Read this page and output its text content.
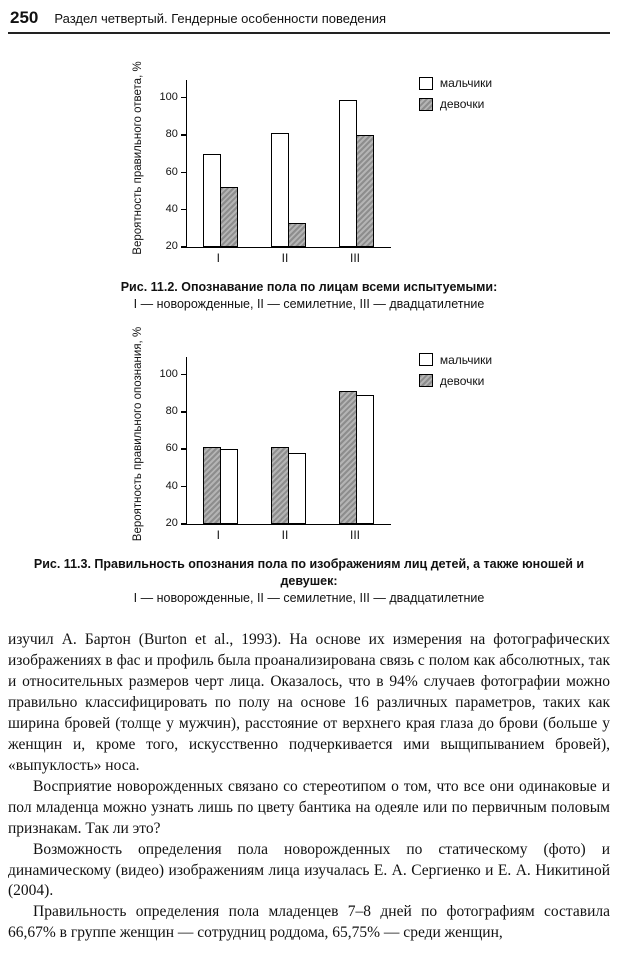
250 Раздел четвертый. Гендерные особенности поведения
Вероятность правильного ответа, % 20
40
60
80
100
I	II	III
мальчики
девочки
Рис. 11.2. Опознавание пола по лицам всеми испытуемыми:
I — новорожденные, II — семилетние, III — двадцатилетние
Вероятность правильного опознания, % 20
40
60
80
100
I	II	III
мальчики
девочки
Рис. 11.3. Правильность опознания пола по изображениям лиц детей, а также юношей и девушек:
I — новорожденные, II — семилетние, III — двадцатилетние

изучил А. Бартон (Burton et al., 1993). На основе их измерения на фотографических изображениях в фас и профиль была проанализирована связь с полом как абсолютных, так и относительных размеров черт лица. Оказалось, что в 94% случаев фотографии можно правильно классифицировать по полу на основе 16 различных параметров, таких как ширина бровей (толще у мужчин), расстояние от верхнего края глаза до брови (больше у женщин и, кроме того, искусственно подчеркивается ими выщипыванием бровей), «выпуклость» носа.

Восприятие новорожденных связано со стереотипом о том, что все они одинаковые и пол младенца можно узнать лишь по цвету бантика на одеяле или по первичным половым признакам. Так ли это?

Возможность определения пола новорожденных по статическому (фото) и динамическому (видео) изображениям лица изучалась Е. А. Сергиенко и Е. А. Никитиной (2004).

Правильность определения пола младенцев 7–8 дней по фотографиям составила 66,67% в группе женщин — сотрудниц роддома, 65,75% — среди женщин,
